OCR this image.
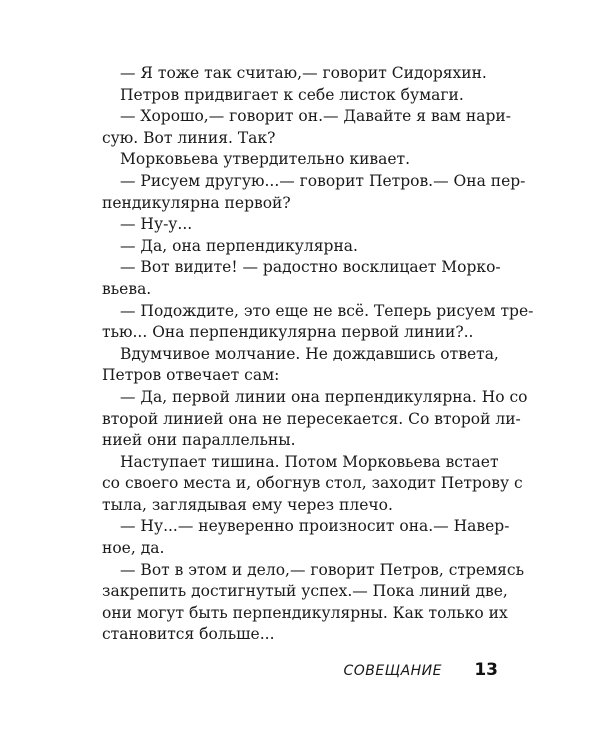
— Я тоже так считаю,— говорит Сидоряхин.
Петров придвигает к себе листок бумаги.
— Хорошо,— говорит он.— Давайте я вам нари-
сую. Вот линия. Так?
Морковьева утвердительно кивает.
— Рисуем другую...— говорит Петров.— Она пер-
пендикулярна первой?
— Ну-у...
— Да, она перпендикулярна.
— Вот видите! — радостно восклицает Морко-
вьева.
— Подождите, это еще не всё. Теперь рисуем тре-
тью... Она перпендикулярна первой линии?..
Вдумчивое молчание. Не дождавшись ответа,
Петров отвечает сам:
— Да, первой линии она перпендикулярна. Но со
второй линией она не пересекается. Со второй ли-
нией они параллельны.
Наступает тишина. Потом Морковьева встает
со своего места и, обогнув стол, заходит Петрову с
тыла, заглядывая ему через плечо.
— Ну...— неуверенно произносит она.— Навер-
ное, да.
— Вот в этом и дело,— говорит Петров, стремясь
закрепить достигнутый успех.— Пока линий две,
они могут быть перпендикулярны. Как только их
становится больше...
СОВЕЩАНИЕ 13
